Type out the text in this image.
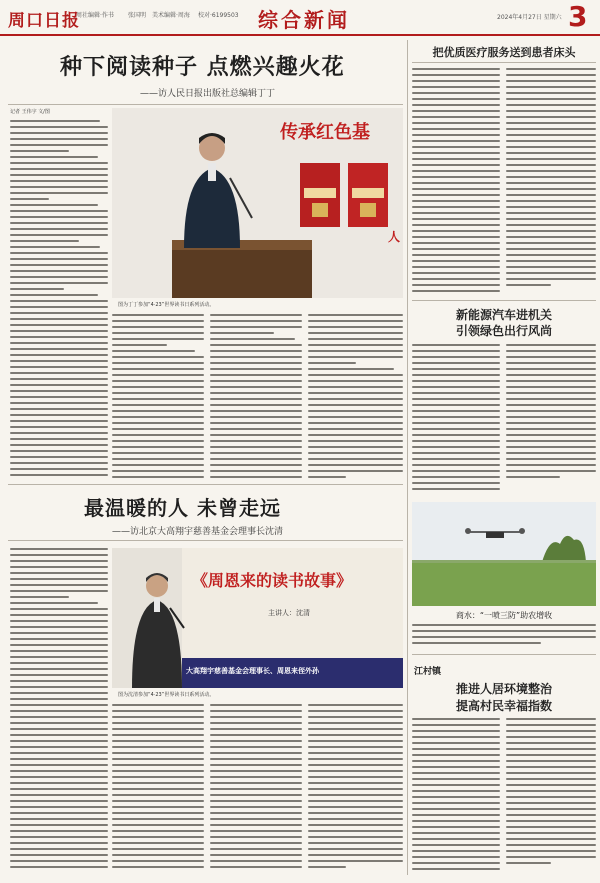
周口日报
周社编辑·作书 张国明 美术编辑·周海 校对·6199503 综合新闻	2024年4月27日 星期六 3
种下阅读种子 点燃兴趣火花
——访人民日报出版社总编辑丁丁
记者 王伟宇 文/图
传承红色基
人
图为丁丁参加“4·23”世界读书日系列活动。
最温暖的人 未曾走远
——访北京大高翔宇慈善基金会理事长沈清
《周恩来的读书故事》
主讲人：沈清
大高翔宇慈善基金会理事长、周恩来侄外孙
图为沈清参加“4·23”世界读书日系列活动。
把优质医疗服务送到患者床头
新能源汽车进机关
引领绿色出行风尚
商水：“一喷三防”助农增收
江村镇
推进人居环境整治
提高村民幸福指数
